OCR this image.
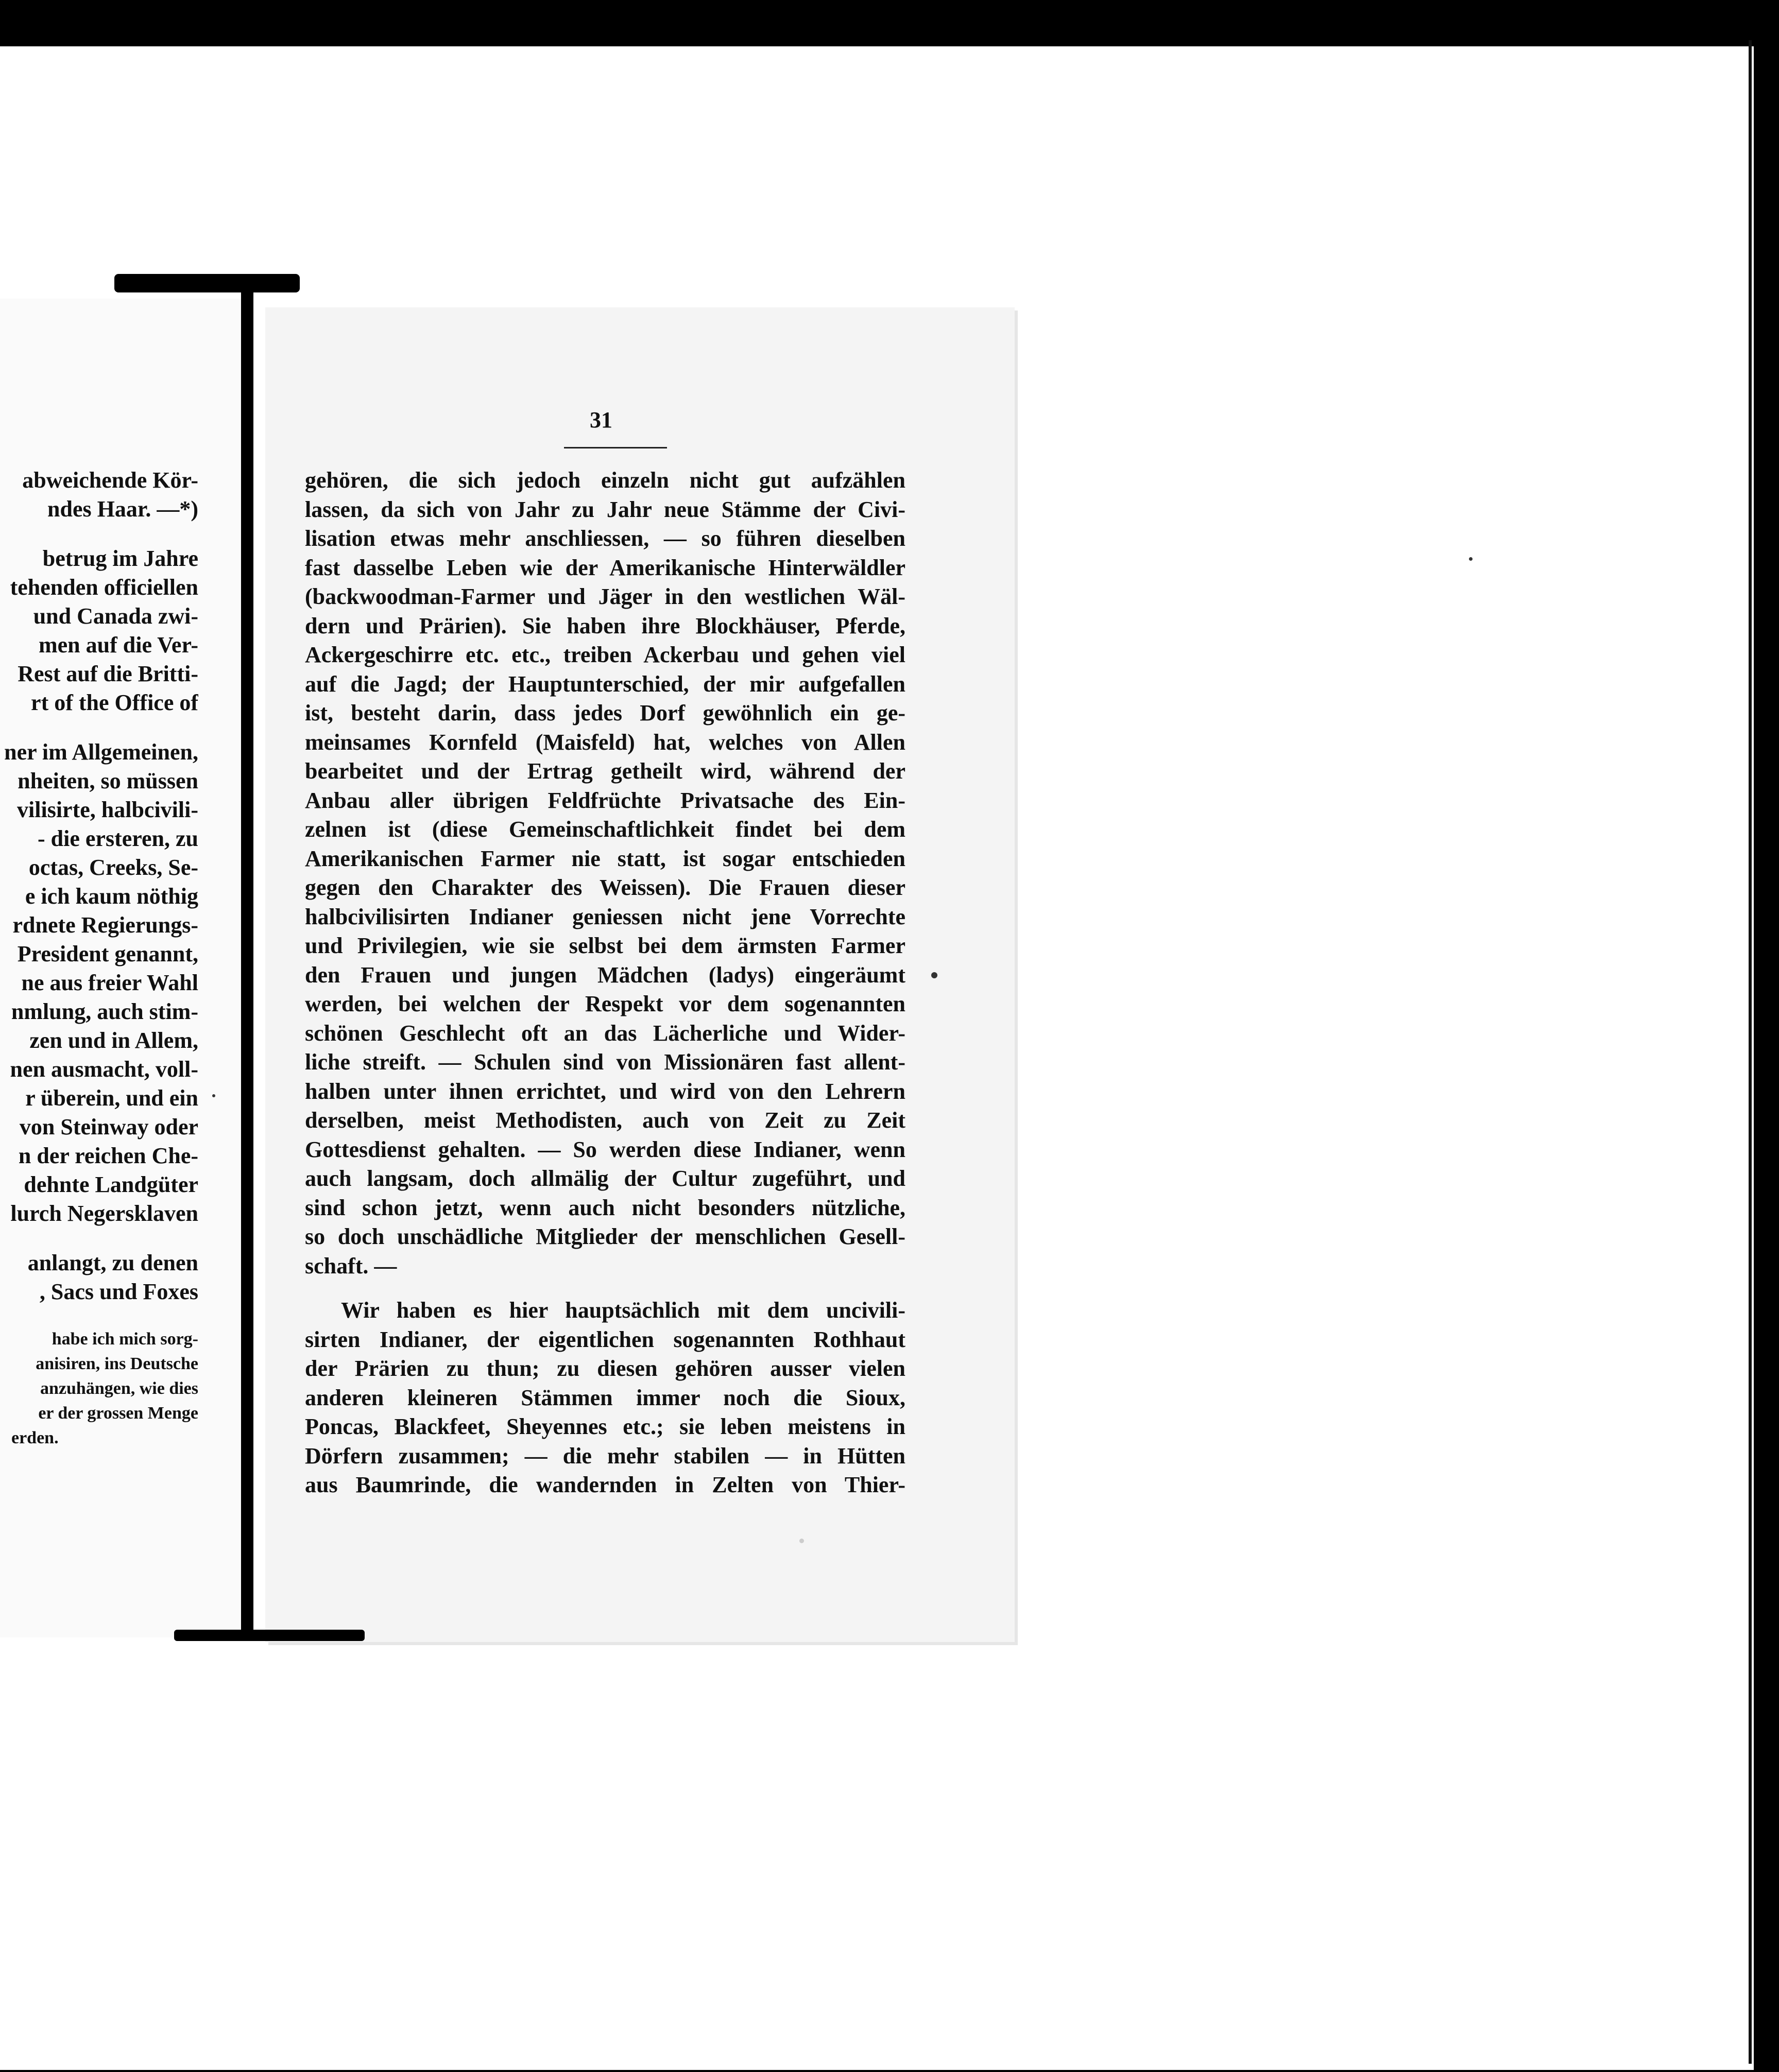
31
abweichende Kör-
ndes Haar. —*)
betrug im Jahre
tehenden officiellen
und Canada zwi-
men auf die Ver-
Rest auf die Britti-
rt of the Office of
ner im Allgemeinen,
nheiten, so müssen
vilisirte, halbcivili-
- die ersteren, zu
octas, Creeks, Se-
e ich kaum nöthig
rdnete Regierungs-
President genannt,
ne aus freier Wahl
nmlung, auch stim-
zen und in Allem,
nen ausmacht, voll-
r überein, und ein
von Steinway oder
n der reichen Che-
dehnte Landgüter
lurch Negersklaven
anlangt, zu denen
, Sacs und Foxes
habe ich mich sorg-
anisiren, ins Deutsche
anzuhängen, wie dies
er der grossen Menge
erden.
gehören, die sich jedoch einzeln nicht gut aufzählen
lassen, da sich von Jahr zu Jahr neue Stämme der Civi-
lisation etwas mehr anschliessen, — so führen dieselben
fast dasselbe Leben wie der Amerikanische Hinterwäldler
(backwoodman-Farmer und Jäger in den westlichen Wäl-
dern und Prärien). Sie haben ihre Blockhäuser, Pferde,
Ackergeschirre etc. etc., treiben Ackerbau und gehen viel
auf die Jagd; der Hauptunterschied, der mir aufgefallen
ist, besteht darin, dass jedes Dorf gewöhnlich ein ge-
meinsames Kornfeld (Maisfeld) hat, welches von Allen
bearbeitet und der Ertrag getheilt wird, während der
Anbau aller übrigen Feldfrüchte Privatsache des Ein-
zelnen ist (diese Gemeinschaftlichkeit findet bei dem
Amerikanischen Farmer nie statt, ist sogar entschieden
gegen den Charakter des Weissen). Die Frauen dieser
halbcivilisirten Indianer geniessen nicht jene Vorrechte
und Privilegien, wie sie selbst bei dem ärmsten Farmer
den Frauen und jungen Mädchen (ladys) eingeräumt
werden, bei welchen der Respekt vor dem sogenannten
schönen Geschlecht oft an das Lächerliche und Wider-
liche streift. — Schulen sind von Missionären fast allent-
halben unter ihnen errichtet, und wird von den Lehrern
derselben, meist Methodisten, auch von Zeit zu Zeit
Gottesdienst gehalten. — So werden diese Indianer, wenn
auch langsam, doch allmälig der Cultur zugeführt, und
sind schon jetzt, wenn auch nicht besonders nützliche,
so doch unschädliche Mitglieder der menschlichen Gesell-
schaft. —
Wir haben es hier hauptsächlich mit dem uncivili-
sirten Indianer, der eigentlichen sogenannten Rothhaut
der Prärien zu thun; zu diesen gehören ausser vielen
anderen kleineren Stämmen immer noch die Sioux,
Poncas, Blackfeet, Sheyennes etc.; sie leben meistens in
Dörfern zusammen; — die mehr stabilen — in Hütten
aus Baumrinde, die wandernden in Zelten von Thier-
